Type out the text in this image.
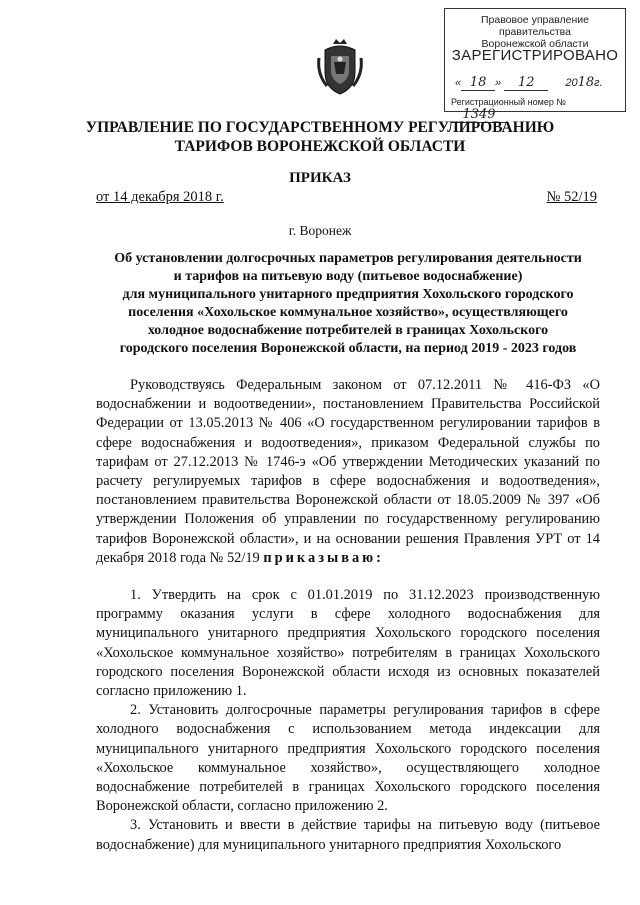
Правовое управление правительства
Воронежской области
ЗАРЕГИСТРИРОВАНО
« 18 » 12	2018г.
Регистрационный номер № 1349
УПРАВЛЕНИЕ ПО ГОСУДАРСТВЕННОМУ РЕГУЛИРОВАНИЮ
ТАРИФОВ ВОРОНЕЖСКОЙ ОБЛАСТИ
ПРИКАЗ
от 14 декабря 2018 г.	№ 52/19
г. Воронеж
Об установлении долгосрочных параметров регулирования деятельности
и тарифов на питьевую воду (питьевое водоснабжение)
для муниципального унитарного предприятия Хохольского городского
поселения «Хохольское коммунальное хозяйство», осуществляющего
холодное водоснабжение потребителей в границах Хохольского
городского поселения Воронежской области, на период 2019 - 2023 годов

Руководствуясь Федеральным законом от 07.12.2011 № 416-ФЗ «О водоснабжении и водоотведении», постановлением Правительства Российской Федерации от 13.05.2013 № 406 «О государственном регулировании тарифов в сфере водоснабжения и водоотведения», приказом Федеральной службы по тарифам от 27.12.2013 № 1746-э «Об утверждении Методических указаний по расчету регулируемых тарифов в сфере водоснабжения и водоотведения», постановлением правительства Воронежской области от 18.05.2009 № 397 «Об утверждении Положения об управлении по государственному регулированию тарифов Воронежской области», и на основании решения Правления УРТ от 14 декабря 2018 года № 52/19 приказываю:

1. Утвердить на срок с 01.01.2019 по 31.12.2023 производственную программу оказания услуги в сфере холодного водоснабжения для муниципального унитарного предприятия Хохольского городского поселения «Хохольское коммунальное хозяйство» потребителям в границах Хохольского городского поселения Воронежской области исходя из основных показателей согласно приложению 1.

2. Установить долгосрочные параметры регулирования тарифов в сфере холодного водоснабжения с использованием метода индексации для муниципального унитарного предприятия Хохольского городского поселения «Хохольское коммунальное хозяйство», осуществляющего холодное водоснабжение потребителей в границах Хохольского городского поселения Воронежской области, согласно приложению 2.

3. Установить и ввести в действие тарифы на питьевую воду (питьевое водоснабжение) для муниципального унитарного предприятия Хохольского
